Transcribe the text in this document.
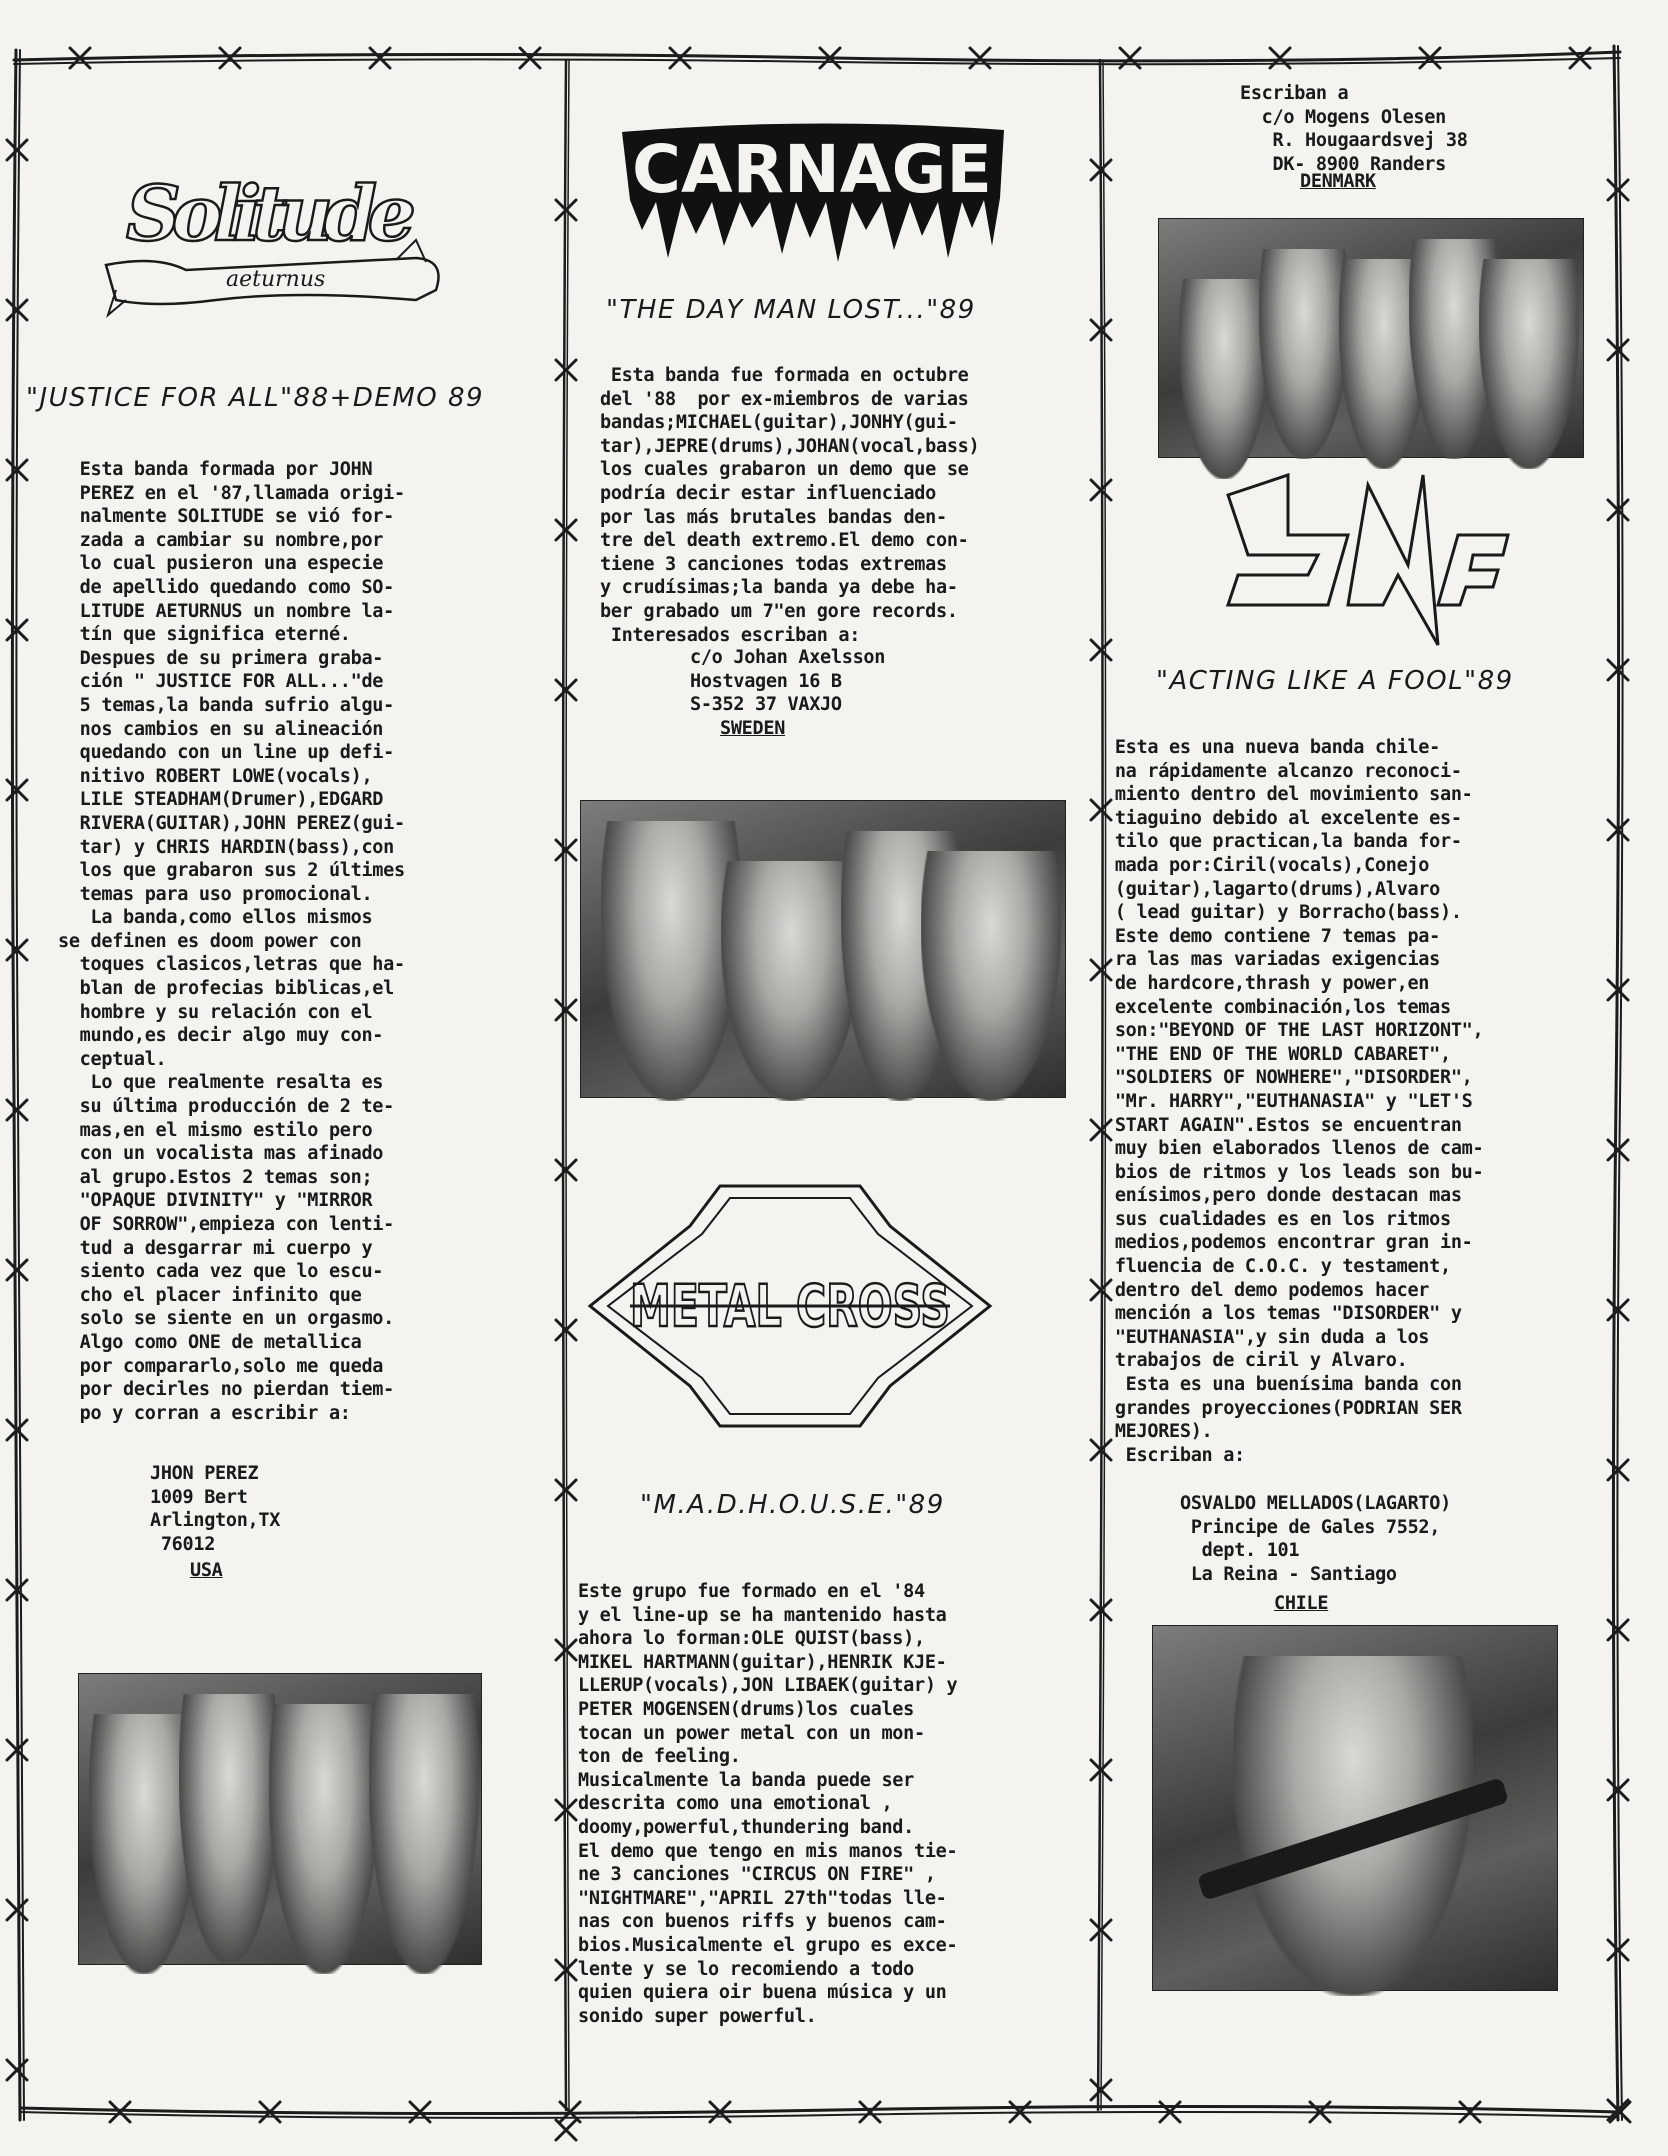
Solitude
aeturnus
"JUSTICE FOR ALL"88+DEMO 89
Esta banda formada por JOHN
PEREZ en el '87,llamada origi-
nalmente SOLITUDE se vió for-
zada a cambiar su nombre,por
lo cual pusieron una especie
de apellido quedando como SO-
LITUDE AETURNUS un nombre la-
tín que significa eterné.
Despues de su primera graba-
ción " JUSTICE FOR ALL..."de
5 temas,la banda sufrio algu-
nos cambios en su alineación
quedando con un line up defi-
nitivo ROBERT LOWE(vocals),
LILE STEADHAM(Drumer),EDGARD
RIVERA(GUITAR),JOHN PEREZ(gui-
tar) y CHRIS HARDIN(bass),con
los que grabaron sus 2 últimes
temas para uso promocional.
La banda,como ellos mismos
se definen es doom power con
toques clasicos,letras que ha-
blan de profecias biblicas,el
hombre y su relación con el
mundo,es decir algo muy con-
ceptual.
Lo que realmente resalta es
su última producción de 2 te-
mas,en el mismo estilo pero
con un vocalista mas afinado
al grupo.Estos 2 temas son;
"OPAQUE DIVINITY" y "MIRROR
OF SORROW",empieza con lenti-
tud a desgarrar mi cuerpo y
siento cada vez que lo escu-
cho el placer infinito que
solo se siente en un orgasmo.
Algo como ONE de metallica
por compararlo,solo me queda
por decirles no pierdan tiem-
po y corran a escribir a:
JHON PEREZ
1009 Bert
Arlington,TX
76012
USA
CARNAGE
"THE DAY MAN LOST..."89
Esta banda fue formada en octubre
del '88  por ex-miembros de varias
bandas;MICHAEL(guitar),JONHY(gui-
tar),JEPRE(drums),JOHAN(vocal,bass)
los cuales grabaron un demo que se
podría decir estar influenciado
por las más brutales bandas den-
tre del death extremo.El demo con-
tiene 3 canciones todas extremas
y crudísimas;la banda ya debe ha-
ber grabado um 7"en gore records.
Interesados escriban a:
c/o Johan Axelsson
Hostvagen 16 B
S-352 37 VAXJO
SWEDEN
METAL CROSS
"M.A.D.H.O.U.S.E."89
Este grupo fue formado en el '84
y el line-up se ha mantenido hasta
ahora lo forman:OLE QUIST(bass),
MIKEL HARTMANN(guitar),HENRIK KJE-
LLERUP(vocals),JON LIBAEK(guitar) y
PETER MOGENSEN(drums)los cuales
tocan un power metal con un mon-
ton de feeling.
Musicalmente la banda puede ser
descrita como una emotional ,
doomy,powerful,thundering band.
El demo que tengo en mis manos tie-
ne 3 canciones "CIRCUS ON FIRE" ,
"NIGHTMARE","APRIL 27th"todas lle-
nas con buenos riffs y buenos cam-
bios.Musicalmente el grupo es exce-
lente y se lo recomiendo a todo
quien quiera oir buena música y un
sonido super powerful.
Escriban a
c/o Mogens Olesen
R. Hougaardsvej 38
DK- 8900 Randers
DENMARK
"ACTING LIKE A FOOL"89
Esta es una nueva banda chile-
na rápidamente alcanzo reconoci-
miento dentro del movimiento san-
tiaguino debido al excelente es-
tilo que practican,la banda for-
mada por:Ciril(vocals),Conejo
(guitar),lagarto(drums),Alvaro
( lead guitar) y Borracho(bass).
Este demo contiene 7 temas pa-
ra las mas variadas exigencias
de hardcore,thrash y power,en
excelente combinación,los temas
son:"BEYOND OF THE LAST HORIZONT",
"THE END OF THE WORLD CABARET",
"SOLDIERS OF NOWHERE","DISORDER",
"Mr. HARRY","EUTHANASIA" y "LET'S
START AGAIN".Estos se encuentran
muy bien elaborados llenos de cam-
bios de ritmos y los leads son bu-
enísimos,pero donde destacan mas
sus cualidades es en los ritmos
medios,podemos encontrar gran in-
fluencia de C.O.C. y testament,
dentro del demo podemos hacer
mención a los temas "DISORDER" y
"EUTHANASIA",y sin duda a los
trabajos de ciril y Alvaro.
Esta es una buenísima banda con
grandes proyecciones(PODRIAN SER
MEJORES).
Escriban a:
OSVALDO MELLADOS(LAGARTO)
Principe de Gales 7552,
dept. 101
La Reina - Santiago
CHILE
